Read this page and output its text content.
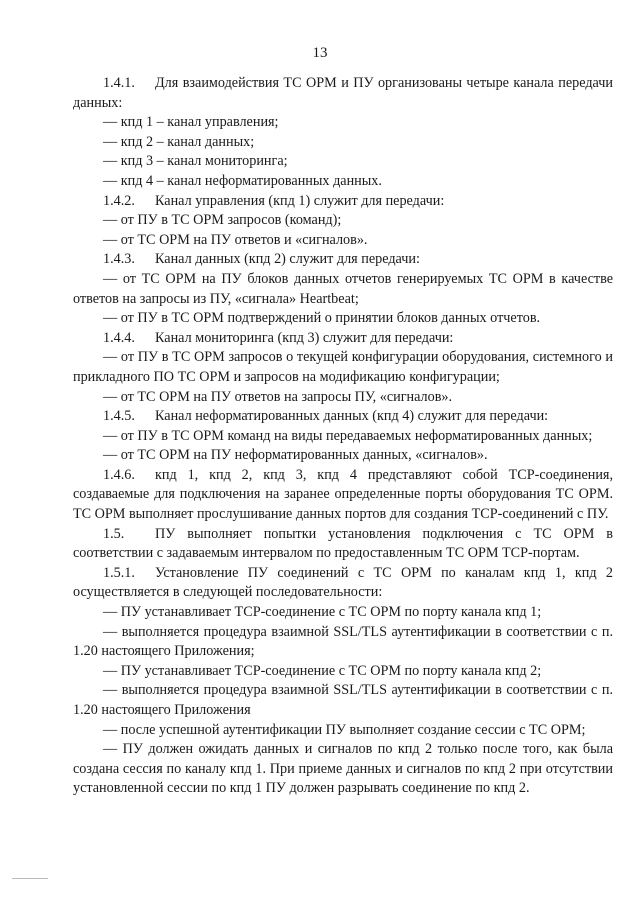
13

1.4.1. Для взаимодействия ТС ОРМ и ПУ организованы четыре канала передачи данных:

— кпд 1 – канал управления;

— кпд 2 – канал данных;

— кпд 3 – канал мониторинга;

— кпд 4 – канал неформатированных данных.

1.4.2. Канал управления (кпд 1) служит для передачи:

— от ПУ в ТС ОРМ запросов (команд);

— от ТС ОРМ на ПУ ответов и «сигналов».

1.4.3. Канал данных (кпд 2) служит для передачи:

— от ТС ОРМ на ПУ блоков данных отчетов генерируемых ТС ОРМ в качестве ответов на запросы из ПУ, «сигнала» Heartbeat;

— от ПУ в ТС ОРМ подтверждений о принятии блоков данных отчетов.

1.4.4. Канал мониторинга (кпд 3) служит для передачи:

— от ПУ в ТС ОРМ запросов о текущей конфигурации оборудования, системного и прикладного ПО ТС ОРМ и запросов на модификацию конфигурации;

— от ТС ОРМ на ПУ ответов на запросы ПУ, «сигналов».

1.4.5. Канал неформатированных данных (кпд 4) служит для передачи:

— от ПУ в ТС ОРМ команд на виды передаваемых неформатированных данных;

— от ТС ОРМ на ПУ неформатированных данных, «сигналов».

1.4.6. кпд 1, кпд 2, кпд 3, кпд 4 представляют собой TCP-соединения, создаваемые для подключения на заранее определенные порты оборудования ТС ОРМ. ТС ОРМ выполняет прослушивание данных портов для создания TCP-соединений с ПУ.

1.5. ПУ выполняет попытки установления подключения с ТС ОРМ в соответствии с задаваемым интервалом по предоставленным ТС ОРМ TCP-портам.

1.5.1. Установление ПУ соединений с ТС ОРМ по каналам кпд 1, кпд 2 осуществляется в следующей последовательности:

— ПУ устанавливает TCP-соединение с ТС ОРМ по порту канала кпд 1;

— выполняется процедура взаимной SSL/TLS аутентификации в соответствии с п. 1.20 настоящего Приложения;

— ПУ устанавливает TCP-соединение с ТС ОРМ по порту канала кпд 2;

— выполняется процедура взаимной SSL/TLS аутентификации в соответствии с п. 1.20 настоящего Приложения

— после успешной аутентификации ПУ выполняет создание сессии с ТС ОРМ;

— ПУ должен ожидать данных и сигналов по кпд 2 только после того, как была создана сессия по каналу кпд 1. При приеме данных и сигналов по кпд 2 при отсутствии установленной сессии по кпд 1 ПУ должен разрывать соединение по кпд 2.
